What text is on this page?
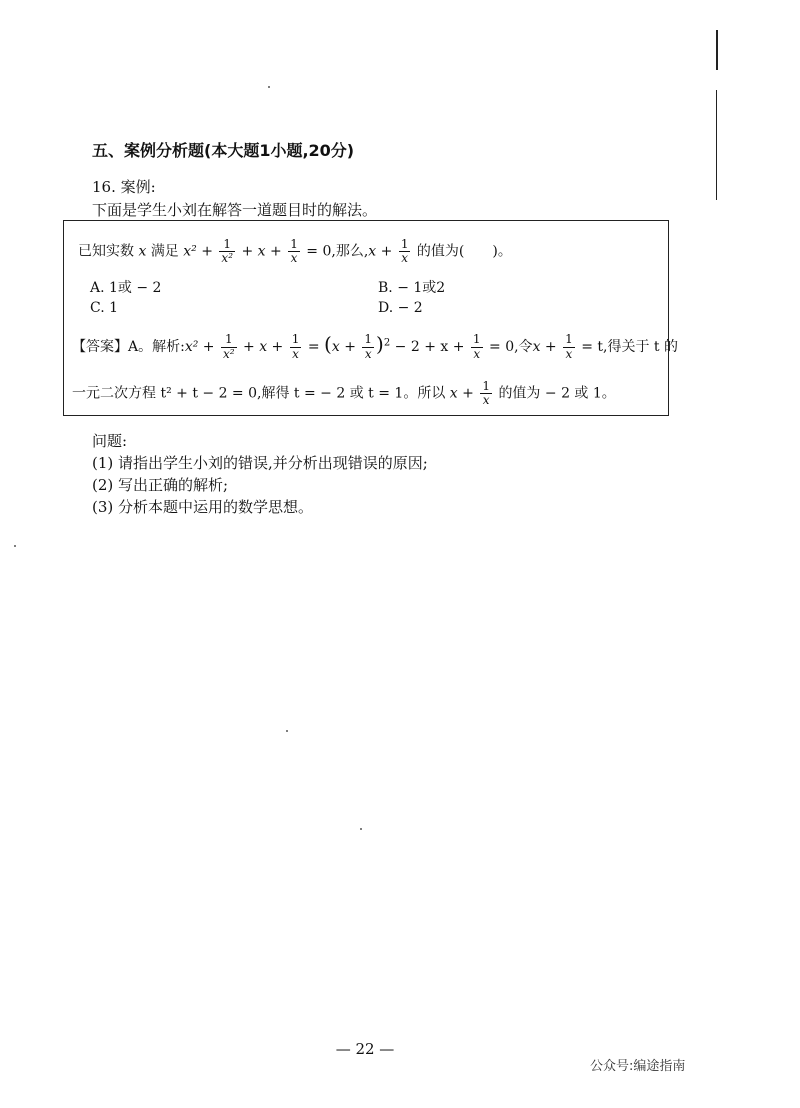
五、案例分析题(本大题1小题,20分)
16. 案例:
下面是学生小刘在解答一道题目时的解法。
已知实数 x 满足 $x^2 + \frac{1}{\text{x²}} + x + \frac{1}{x} = 0$,那么$,x + \frac{1}{x}$ 的值为(　　)。
A. 1或 − 2	B. − 1或2
C. 1	D. − 2
【答案】A。解析:x² + $\frac{1}{\text{x²}} + x + \frac{1}{x} = (x + \frac{1}{x} )^2 - 2 + x + \frac{1}{x} = 0$,令$x + \frac{1}{x} = t$,得关于 t 的
一元二次方程 t² + t − 2 = 0,解得 t = − 2 或 t = 1。所以 $x + \frac{1}{x}$ 的值为 − 2 或 1。
问题:
(1) 请指出学生小刘的错误,并分析出现错误的原因;
(2) 写出正确的解析;
(3) 分析本题中运用的数学思想。
— 22 —
公众号:编途指南
